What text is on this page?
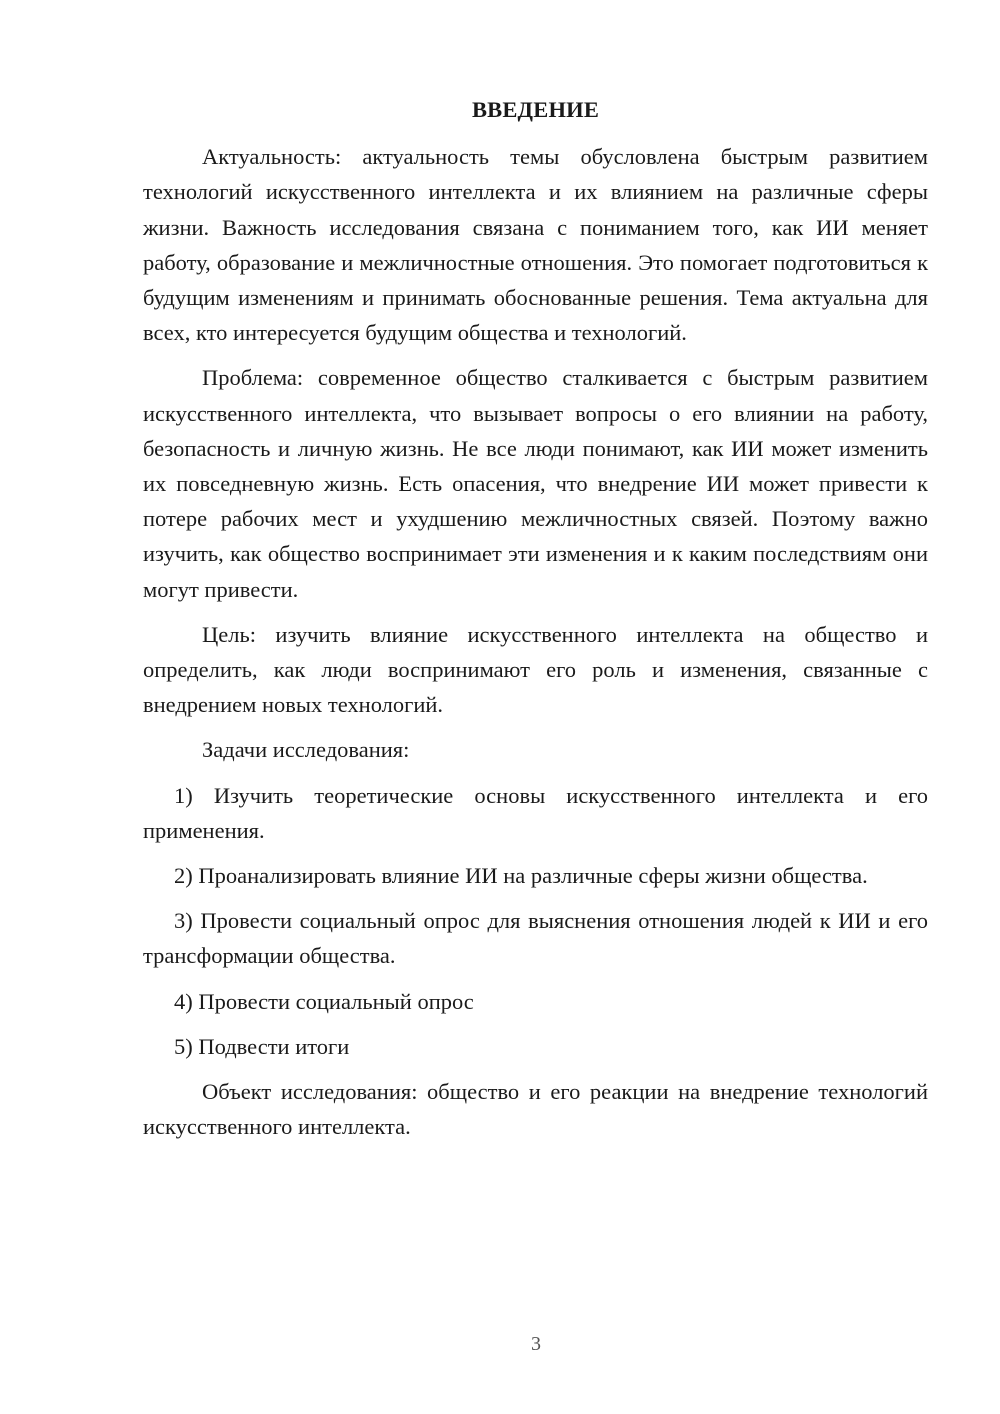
ВВЕДЕНИЕ

Актуальность: актуальность темы обусловлена быстрым развитием технологий искусственного интеллекта и их влиянием на различные сферы жизни. Важность исследования связана с пониманием того, как ИИ меняет работу, образование и межличностные отношения. Это помогает подготовиться к будущим изменениям и принимать обоснованные решения. Тема актуальна для всех, кто интересуется будущим общества и технологий.

Проблема: современное общество сталкивается с быстрым развитием искусственного интеллекта, что вызывает вопросы о его влиянии на работу, безопасность и личную жизнь. Не все люди понимают, как ИИ может изменить их повседневную жизнь. Есть опасения, что внедрение ИИ может привести к потере рабочих мест и ухудшению межличностных связей. Поэтому важно изучить, как общество воспринимает эти изменения и к каким последствиям они могут привести.

Цель: изучить влияние искусственного интеллекта на общество и определить, как люди воспринимают его роль и изменения, связанные с внедрением новых технологий.

Задачи исследования:

1) Изучить теоретические основы искусственного интеллекта и его применения.

2) Проанализировать влияние ИИ на различные сферы жизни общества.

3) Провести социальный опрос для выяснения отношения людей к ИИ и его трансформации общества.

4) Провести социальный опрос

5) Подвести итоги

Объект исследования: общество и его реакции на внедрение технологий искусственного интеллекта.

3
